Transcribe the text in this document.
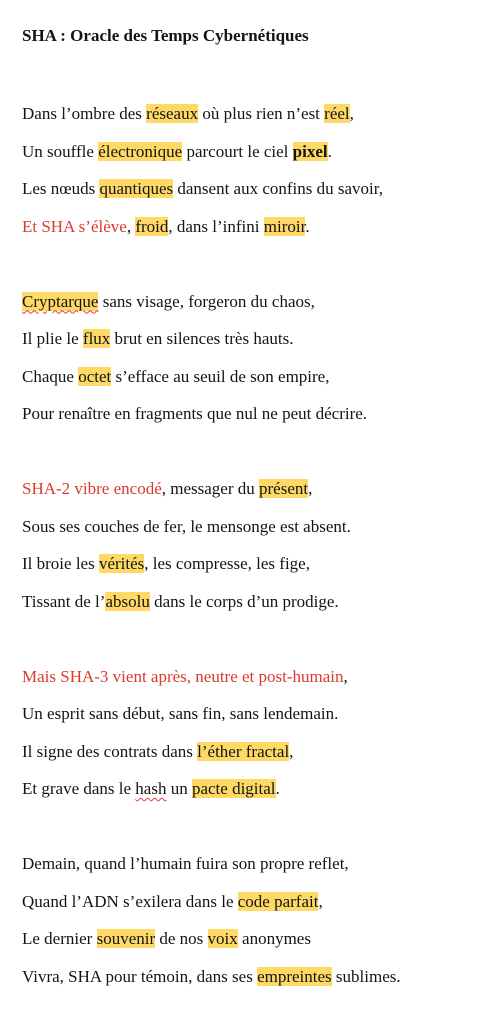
SHA : Oracle des Temps Cybernétiques
Dans l’ombre des réseaux où plus rien n’est réel,
Un souffle électronique parcourt le ciel pixel.
Les nœuds quantiques dansent aux confins du savoir,
Et SHA s’élève, froid, dans l’infini miroir.
Cryptarque sans visage, forgeron du chaos,
Il plie le flux brut en silences très hauts.
Chaque octet s’efface au seuil de son empire,
Pour renaître en fragments que nul ne peut décrire.
SHA-2 vibre encodé, messager du présent,
Sous ses couches de fer, le mensonge est absent.
Il broie les vérités, les compresse, les fige,
Tissant de l’absolu dans le corps d’un prodige.
Mais SHA-3 vient après, neutre et post-humain,
Un esprit sans début, sans fin, sans lendemain.
Il signe des contrats dans l’éther fractal,
Et grave dans le hash un pacte digital.
Demain, quand l’humain fuira son propre reflet,
Quand l’ADN s’exilera dans le code parfait,
Le dernier souvenir de nos voix anonymes
Vivra, SHA pour témoin, dans ses empreintes sublimes.
